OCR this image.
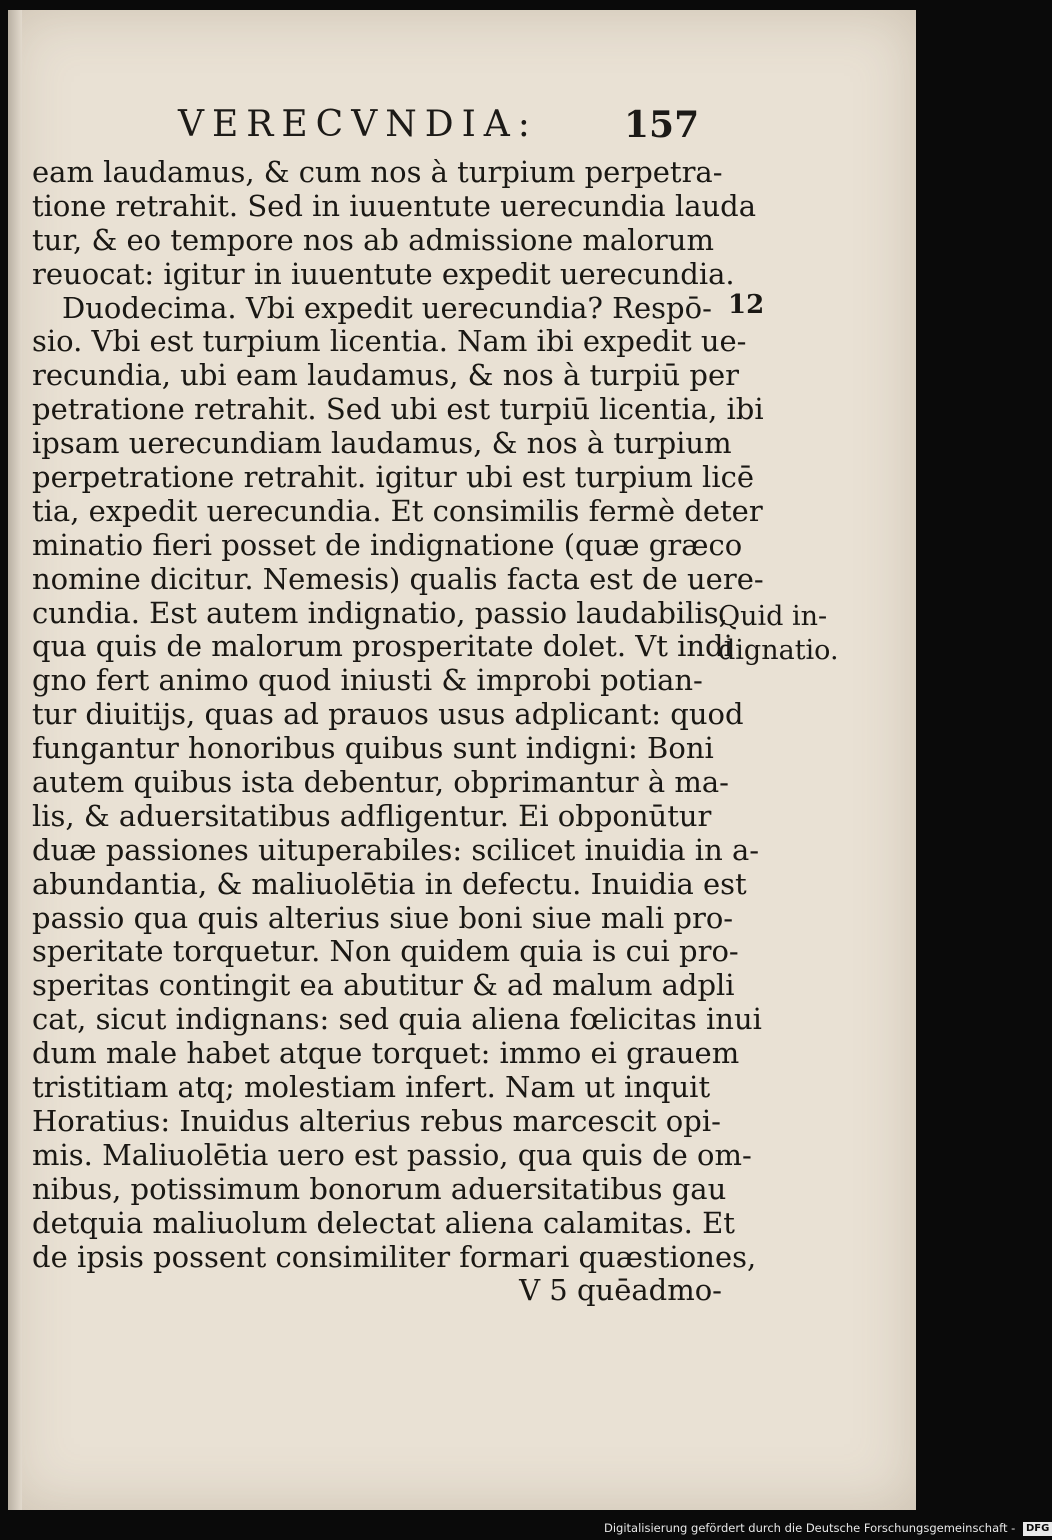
VERECVNDIA: 157
eam laudamus, & cum nos à turpium perpetra-
tione retrahit. Sed in iuuentute uerecundia lauda
tur, & eo tempore nos ab admissione malorum
reuocat: igitur in iuuentute expedit uerecundia.
Duodecima. Vbi expedit uerecundia? Respō-
sio. Vbi est turpium licentia. Nam ibi expedit ue-
recundia, ubi eam laudamus, & nos à turpiū per
petratione retrahit. Sed ubi est turpiū licentia, ibi
ipsam uerecundiam laudamus, & nos à turpium
perpetratione retrahit. igitur ubi est turpium licē
tia, expedit uerecundia. Et consimilis fermè deter
minatio fieri posset de indignatione (quæ græco
nomine dicitur. Nemesis) qualis facta est de uere-
cundia. Est autem indignatio, passio laudabilis,
qua quis de malorum prosperitate dolet. Vt indi
gno fert animo quod iniusti & improbi potian-
tur diuitijs, quas ad prauos usus adplicant: quod
fungantur honoribus quibus sunt indigni: Boni
autem quibus ista debentur, obprimantur à ma-
lis, & aduersitatibus adfligentur. Ei obponūtur
duæ passiones uituperabiles: scilicet inuidia in a-
abundantia, & maliuolētia in defectu. Inuidia est
passio qua quis alterius siue boni siue mali pro-
speritate torquetur. Non quidem quia is cui pro-
speritas contingit ea abutitur & ad malum adpli
cat, sicut indignans: sed quia aliena fœlicitas inui
dum male habet atque torquet: immo ei grauem
tristitiam atq; molestiam infert. Nam ut inquit
Horatius: Inuidus alterius rebus marcescit opi-
mis. Maliuolētia uero est passio, qua quis de om-
nibus, potissimum bonorum aduersitatibus gau
detquia maliuolum delectat aliena calamitas. Et
de ipsis possent consimiliter formari quæstiones,
V 5 quēadmo-
12
Quid in-
dignatio.
Digitalisierung gefördert durch die Deutsche Forschungsgemeinschaft - DFG
